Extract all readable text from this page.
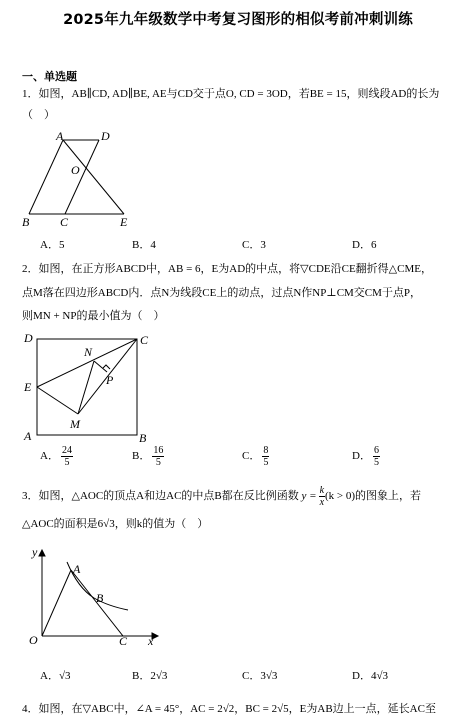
2025年九年级数学中考复习图形的相似考前冲刺训练
一、单选题
1．如图，AB∥CD, AD∥BE, AE与CD交于点O, CD = 3OD，若BE = 15，则线段AD的长为
（　）
A	D
O
B	C	E
A．5	B．4	C．3	D．6
2．如图，在正方形ABCD中，AB = 6，E为AD的中点，将▽CDE沿CE翻折得△CME，
点M落在四边形ABCD内．点N为线段CE上的动点，过点N作NP⊥CM交CM于点P，
则MN + NP的最小值为（　）
D	C
N
P
E
M
A	B
A． $\frac{24}{5}$	B． $\frac{16}{5}$	C． $\frac{8}{5}$	D． $\frac{6}{5}$
3．如图，△AOC的顶点A和边AC的中点B都在反比例函数 $y = \frac{k}{x} (k > 0)$的图象上，若
△AOC的面积是6√3，则k的值为（　）
y
A
B
O	C x
A．√3	B．2√3	C．3√3	D．4√3
4．如图，在▽ABC中，∠A = 45°，AC = 2√2，BC = 2√5，E为AB边上一点，延长AC至
